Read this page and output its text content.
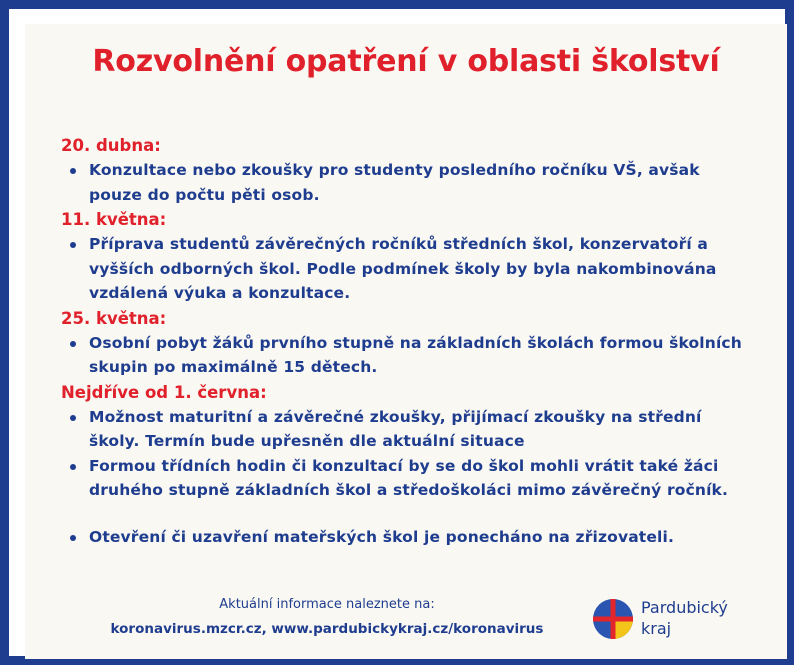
Rozvolnění opatření v oblasti školství
20. dubna:
Konzultace nebo zkoušky pro studenty posledního ročníku VŠ, avšak
pouze do počtu pěti osob.
11. května:
Příprava studentů závěrečných ročníků středních škol, konzervatoří a
vyšších odborných škol. Podle podmínek školy by byla nakombinována
vzdálená výuka a konzultace.
25. května:
Osobní pobyt žáků prvního stupně na základních školách formou školních
skupin po maximálně 15 dětech.
Nejdříve od 1. června:
Možnost maturitní a závěrečné zkoušky, přijímací zkoušky na střední
školy. Termín bude upřesněn dle aktuální situace
Formou třídních hodin či konzultací by se do škol mohli vrátit také žáci
druhého stupně základních škol a středoškoláci mimo závěrečný ročník.
Otevření či uzavření mateřských škol je ponecháno na zřizovateli.
Aktuální informace naleznete na:
koronavirus.mzcr.cz, www.pardubickykraj.cz/koronavirus
Pardubický
kraj
